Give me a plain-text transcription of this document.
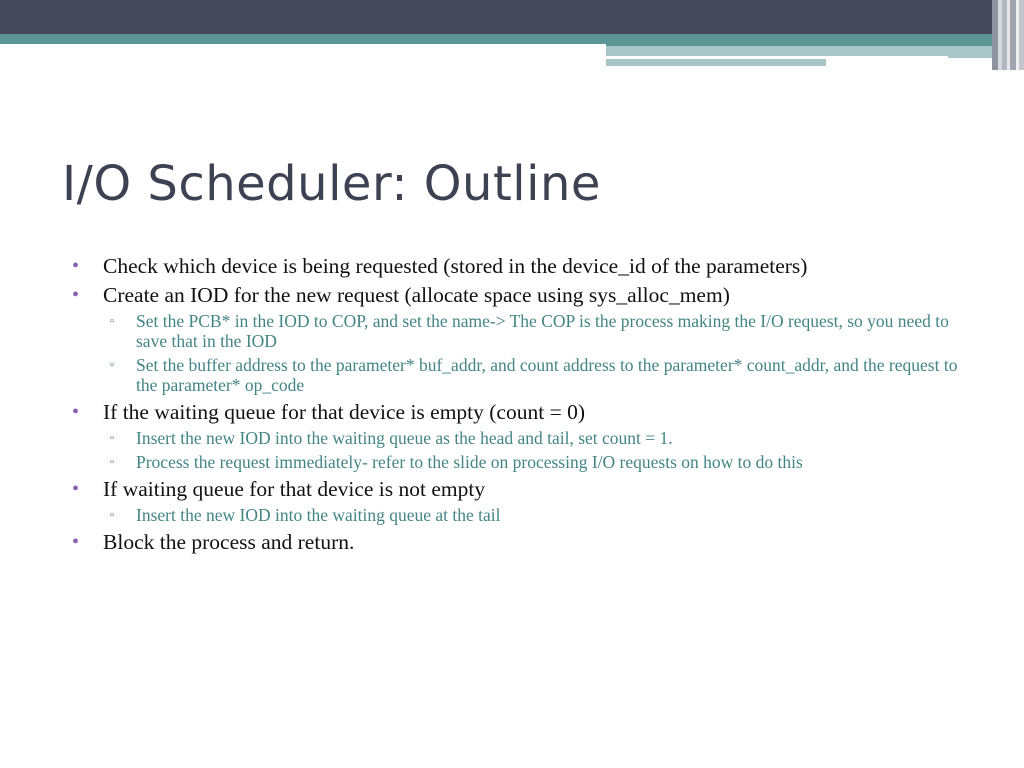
I/O Scheduler: Outline
• Check which device is being requested (stored in the device_id of the parameters)
• Create an IOD for the new request (allocate space using sys_alloc_mem)
▫ Set the PCB* in the IOD to COP, and set the name-> The COP is the process making the I/O request, so you need to save that in the IOD
▫ Set the buffer address to the parameter* buf_addr, and count address to the parameter* count_addr, and the request to the parameter* op_code
• If the waiting queue for that device is empty (count = 0)
▫ Insert the new IOD into the waiting queue as the head and tail, set count = 1.
▫ Process the request immediately- refer to the slide on processing I/O requests on how to do this
• If waiting queue for that device is not empty
▫ Insert the new IOD into the waiting queue at the tail
• Block the process and return.
